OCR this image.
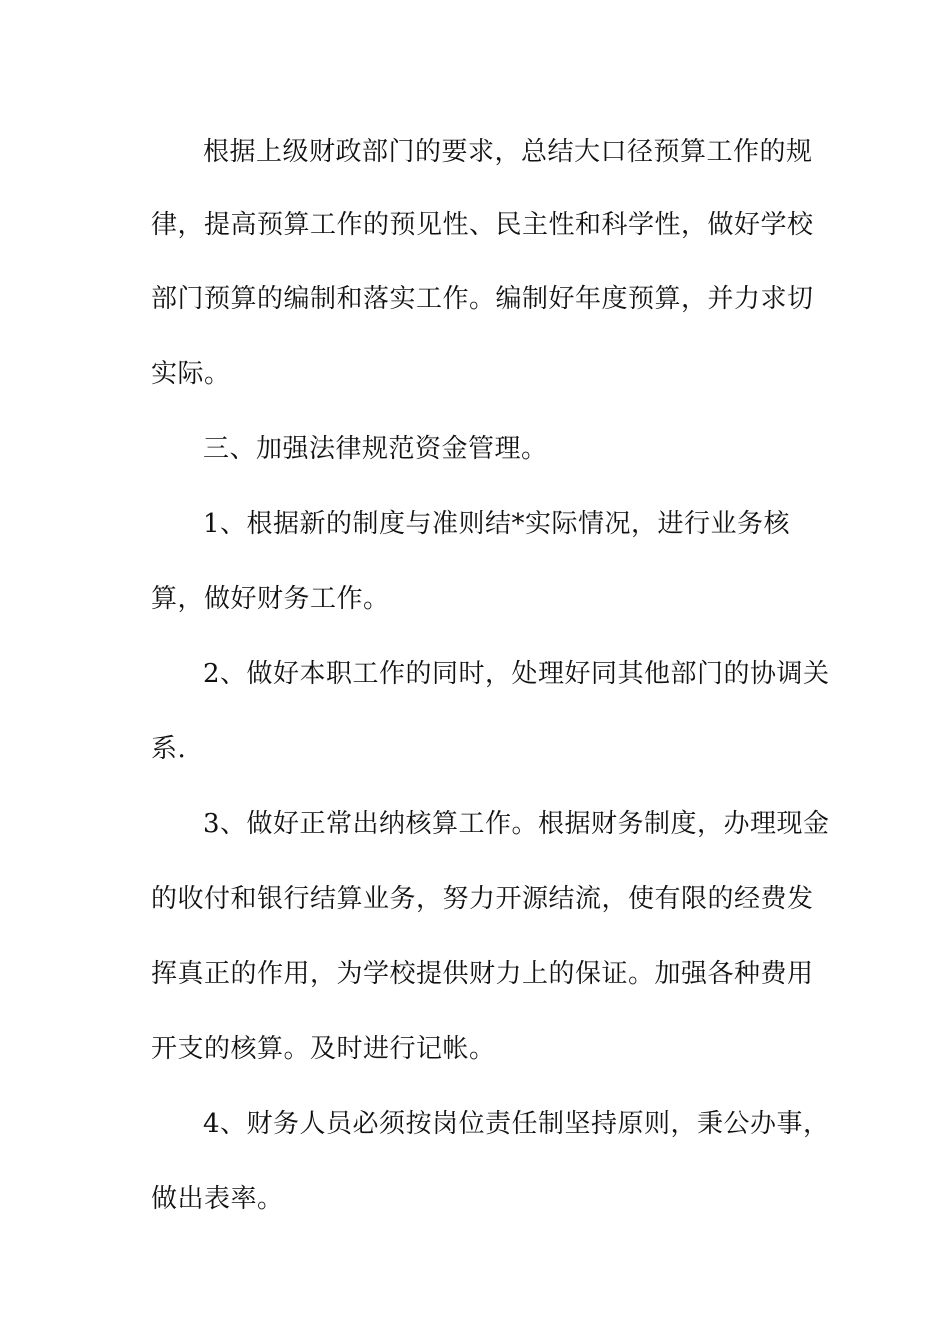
根据上级财政部门的要求，总结大口径预算工作的规
律，提高预算工作的预见性、民主性和科学性，做好学校
部门预算的编制和落实工作。编制好年度预算，并力求切
实际。
三、加强法律规范资金管理。
1、根据新的制度与准则结*实际情况，进行业务核
算，做好财务工作。
2、做好本职工作的同时，处理好同其他部门的协调关
系.
3、做好正常出纳核算工作。根据财务制度，办理现金
的收付和银行结算业务，努力开源结流，使有限的经费发
挥真正的作用，为学校提供财力上的保证。加强各种费用
开支的核算。及时进行记帐。
4、财务人员必须按岗位责任制坚持原则，秉公办事，
做出表率。
